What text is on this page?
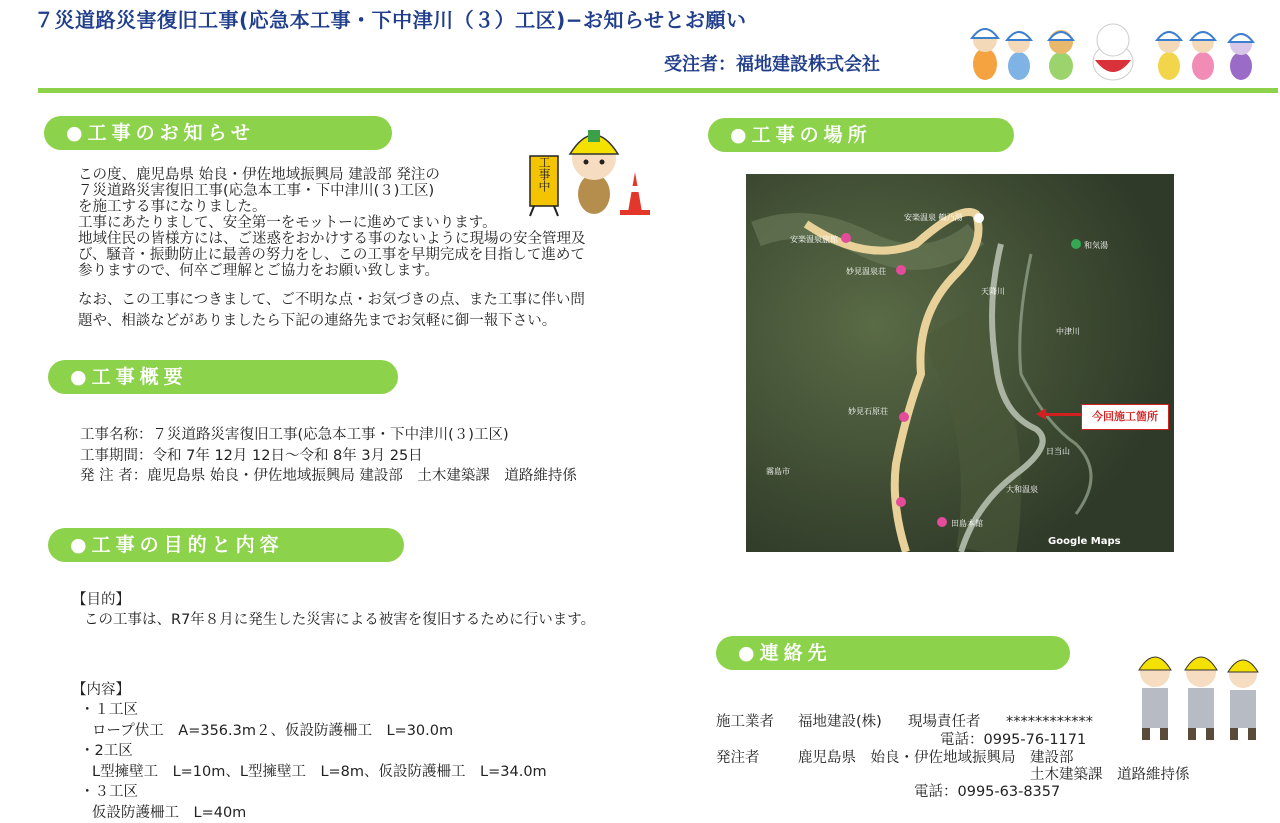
７災道路災害復旧工事(応急本工事・下中津川（３）工区)−お知らせとお願い
受注者：福地建設株式会社
●工事のお知らせ
この度、鹿児島県 始良・伊佐地域振興局 建設部 発注の
７災道路災害復旧工事(応急本工事・下中津川(３)工区)
を施工する事になりました。
工事にあたりまして、安全第一をモットーに進めてまいります。
地域住民の皆様方には、ご迷惑をおかけする事のないように現場の安全管理及
び、騒音・振動防止に最善の努力をし、この工事を早期完成を目指して進めて
参りますので、何卒ご理解とご協力をお願い致します。
なお、この工事につきまして、ご不明な点・お気づきの点、また工事に伴い問
題や、相談などがありましたら下記の連絡先までお気軽に御一報下さい。
工事中
●工事概要
工事名称：７災道路災害復旧工事(応急本工事・下中津川(３)工区)
工事期間：令和 7年 12月 12日〜令和 8年 3月 25日
発 注 者：鹿児島県 始良・伊佐地域振興局 建設部　土木建築課　道路維持係
●工事の目的と内容
【目的】
この工事は、R7年８月に発生した災害による被害を復旧するために行います。
【内容】
・１工区
ロープ伏工　A=356.3m２、仮設防護柵工　L=30.0m
・2工区
L型擁壁工　L=10m、L型擁壁工　L=8m、仮設防護柵工　L=34.0m
・３工区
仮設防護柵工　L=40m
●工事の場所
安楽温泉 鶴乃湯
安楽温泉旅館
妙見温泉荘
妙見石原荘
和気湯
田島本館
中津川
天降川
霧島市
日当山
大和温泉
今回施工箇所
Google Maps
●連絡先
施工業者 福地建設(株) 現場責任者 ************
電話：0995-76-1171
発注者	鹿児島県　始良・伊佐地域振興局　建設部
土木建築課　道路維持係
電話：0995-63-8357
